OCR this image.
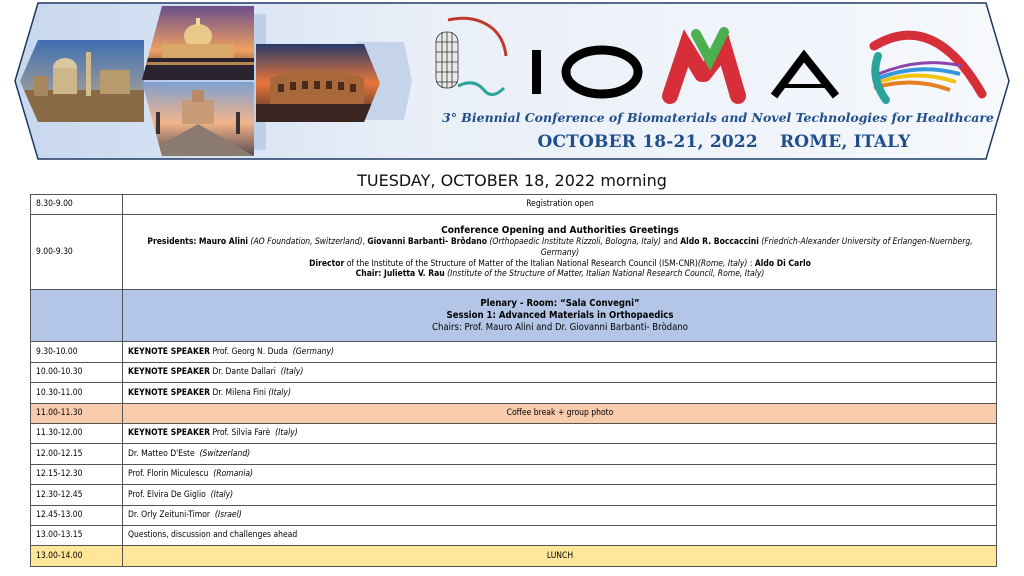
3° Biennial Conference of Biomaterials and Novel Technologies for Healthcare
OCTOBER 18-21, 2022 ROME, ITALY
TUESDAY, OCTOBER 18, 2022 morning
8.30-9.00	Registration open
9.00-9.30	Conference Opening and Authorities Greetings
Presidents: Mauro Alini (AO Foundation, Switzerland), Giovanni Barbanti- Brò̀dano (Orthopaedic Institute Rizzoli, Bologna, Italy) and Aldo R. Boccaccini (Friedrich-Alexander University of Erlangen-Nuernberg, Germany)
Director of the Institute of the Structure of Matter of the Italian National Research Council (ISM-CNR)(Rome, Italy) : Aldo Di Carlo
Chair: Julietta V. Rau (Institute of the Structure of Matter, Italian National Research Council, Rome, Italy)

	Plenary - Room: “Sala Convegni”
Session 1: Advanced Materials in Orthopaedics
Chairs: Prof. Mauro Alini and Dr. Giovanni Barbanti- Bròdano

9.30-10.00	KEYNOTE SPEAKER Prof. Georg N. Duda (Germany)
10.00-10.30	KEYNOTE SPEAKER Dr. Dante Dallari (Italy)
10.30-11.00	KEYNOTE SPEAKER Dr. Milena Fini (Italy)
11.00-11.30	Coffee break + group photo
11.30-12.00	KEYNOTE SPEAKER Prof. Silvia Farè (Italy)
12.00-12.15	Dr. Matteo D'Este (Switzerland)
12.15-12.30	Prof. Florin Miculescu (Romania)
12.30-12.45	Prof. Elvira De Giglio (Italy)
12.45-13.00	Dr. Orly Zeituni-Timor (Israel)
13.00-13.15	Questions, discussion and challenges ahead
13.00-14.00	LUNCH
